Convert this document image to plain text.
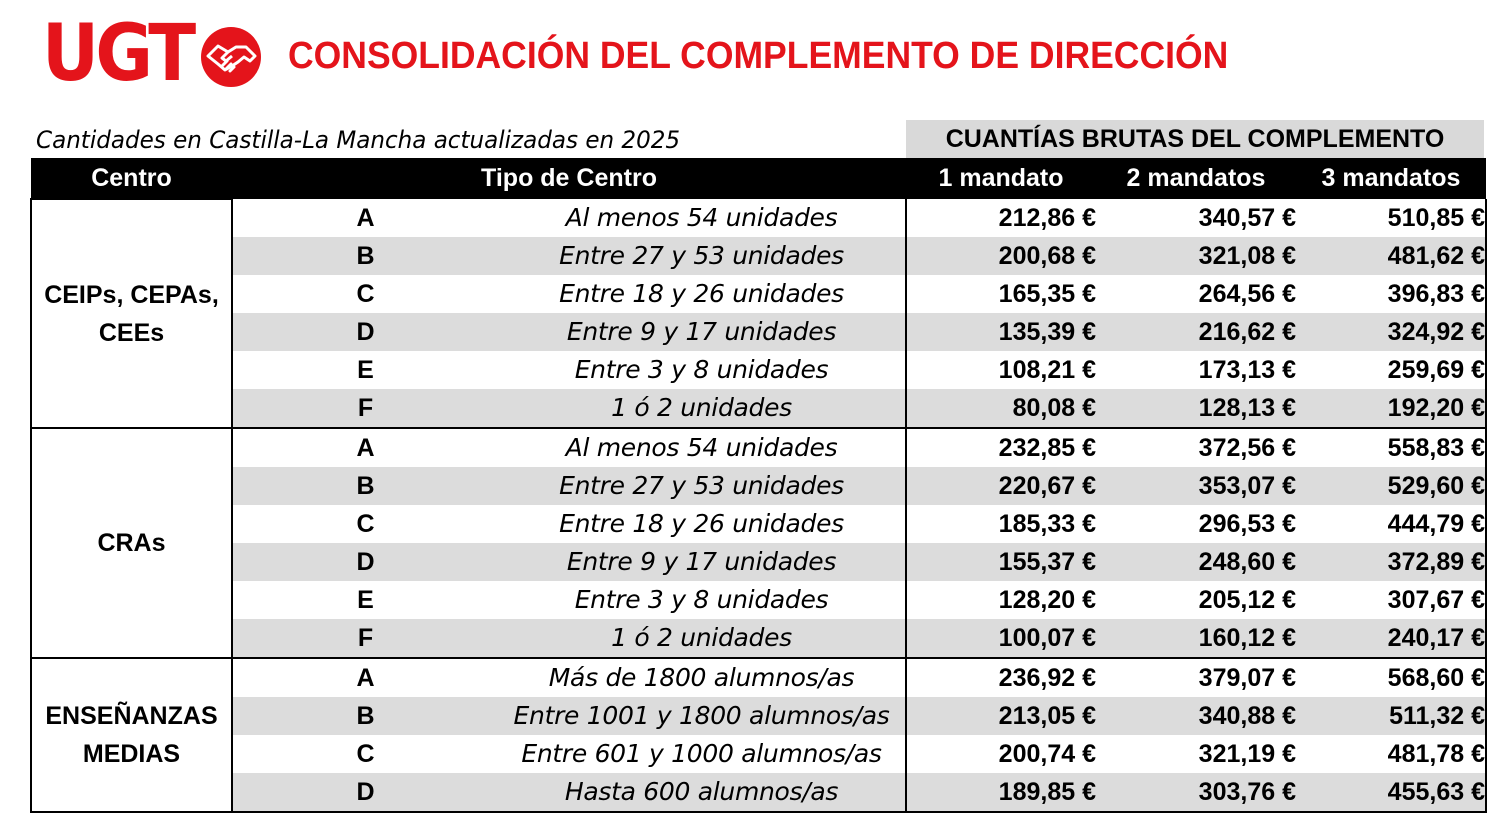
UGT	CONSOLIDACIÓN DEL COMPLEMENTO DE DIRECCIÓN
Cantidades en Castilla-La Mancha actualizadas en 2025	CUANTÍAS BRUTAS DEL COMPLEMENTO
Centro	Tipo de Centro		1 mandato	2 mandatos	3 mandatos
CEIPs, CEPAs, CEEs	A	Al menos 54 unidades	212,86 €	340,57 €	510,85 €
	B	Entre 27 y 53 unidades	200,68 €	321,08 €	481,62 €
	C	Entre 18 y 26 unidades	165,35 €	264,56 €	396,83 €
	D	Entre 9 y 17 unidades	135,39 €	216,62 €	324,92 €
	E	Entre 3 y 8 unidades	108,21 €	173,13 €	259,69 €
	F	1 ó 2 unidades	80,08 €	128,13 €	192,20 €
CRAs	A	Al menos 54 unidades	232,85 €	372,56 €	558,83 €
	B	Entre 27 y 53 unidades	220,67 €	353,07 €	529,60 €
	C	Entre 18 y 26 unidades	185,33 €	296,53 €	444,79 €
	D	Entre 9 y 17 unidades	155,37 €	248,60 €	372,89 €
	E	Entre 3 y 8 unidades	128,20 €	205,12 €	307,67 €
	F	1 ó 2 unidades	100,07 €	160,12 €	240,17 €
ENSEÑANZAS MEDIAS	A	Más de 1800 alumnos/as	236,92 €	379,07 €	568,60 €
	B	Entre 1001 y 1800 alumnos/as	213,05 €	340,88 €	511,32 €
	C	Entre 601 y 1000 alumnos/as	200,74 €	321,19 €	481,78 €
	D	Hasta 600 alumnos/as	189,85 €	303,76 €	455,63 €
